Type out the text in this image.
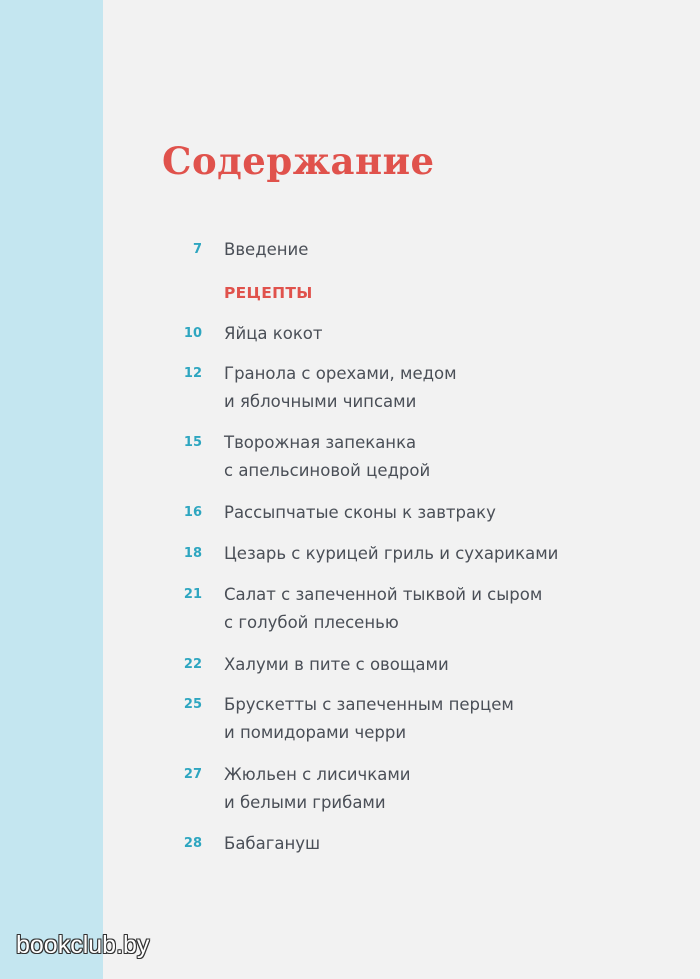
Содержание
РЕЦЕПТЫ
7 Введение

10 Яйца кокот

12 Гранола с орехами, медом
и яблочными чипсами
15 Творожная запеканка
с апельсиновой цедрой
16 Рассыпчатые сконы к завтраку

18 Цезарь с курицей гриль и сухариками

21 Салат с запеченной тыквой и сыром
с голубой плесенью
22 Халуми в пите с овощами

25 Брускетты с запеченным перцем
и помидорами черри
27 Жюльен с лисичками
и белыми грибами
28 Бабагануш

bookclub.by
